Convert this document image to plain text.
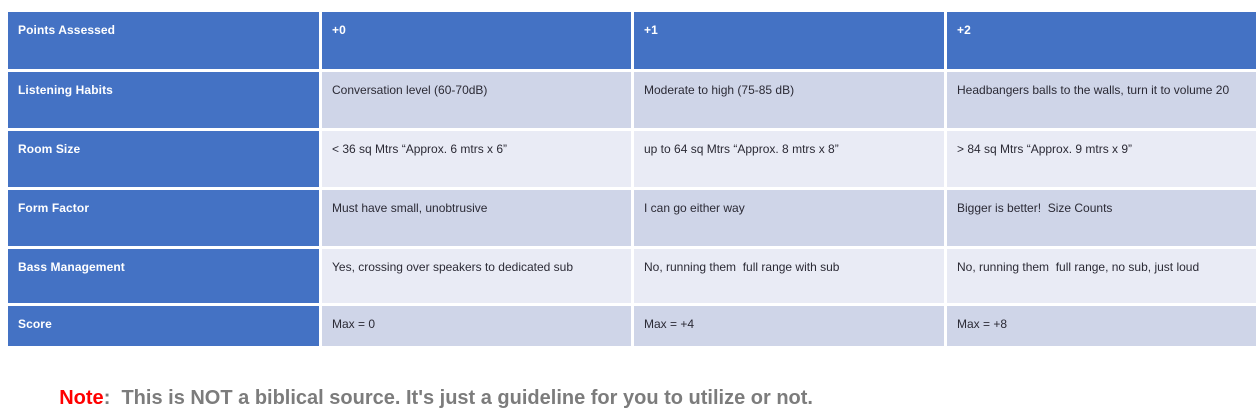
Points Assessed	+0	+1	+2
Listening Habits	Conversation level (60-70dB)	Moderate to high (75-85 dB)	Headbangers balls to the walls, turn it to volume 20
Room Size	< 36 sq Mtrs “Approx. 6 mtrs x 6”	up to 64 sq Mtrs “Approx. 8 mtrs x 8”	> 84 sq Mtrs “Approx. 9 mtrs x 9”
Form Factor	Must have small, unobtrusive	I can go either way	Bigger is better!  Size Counts
Bass Management	Yes, crossing over speakers to dedicated sub	No, running them  full range with sub	No, running them  full range, no sub, just loud
Score	Max = 0	Max = +4	Max = +8

Note:  This is NOT a biblical source. It's just a guideline for you to utilize or not.
